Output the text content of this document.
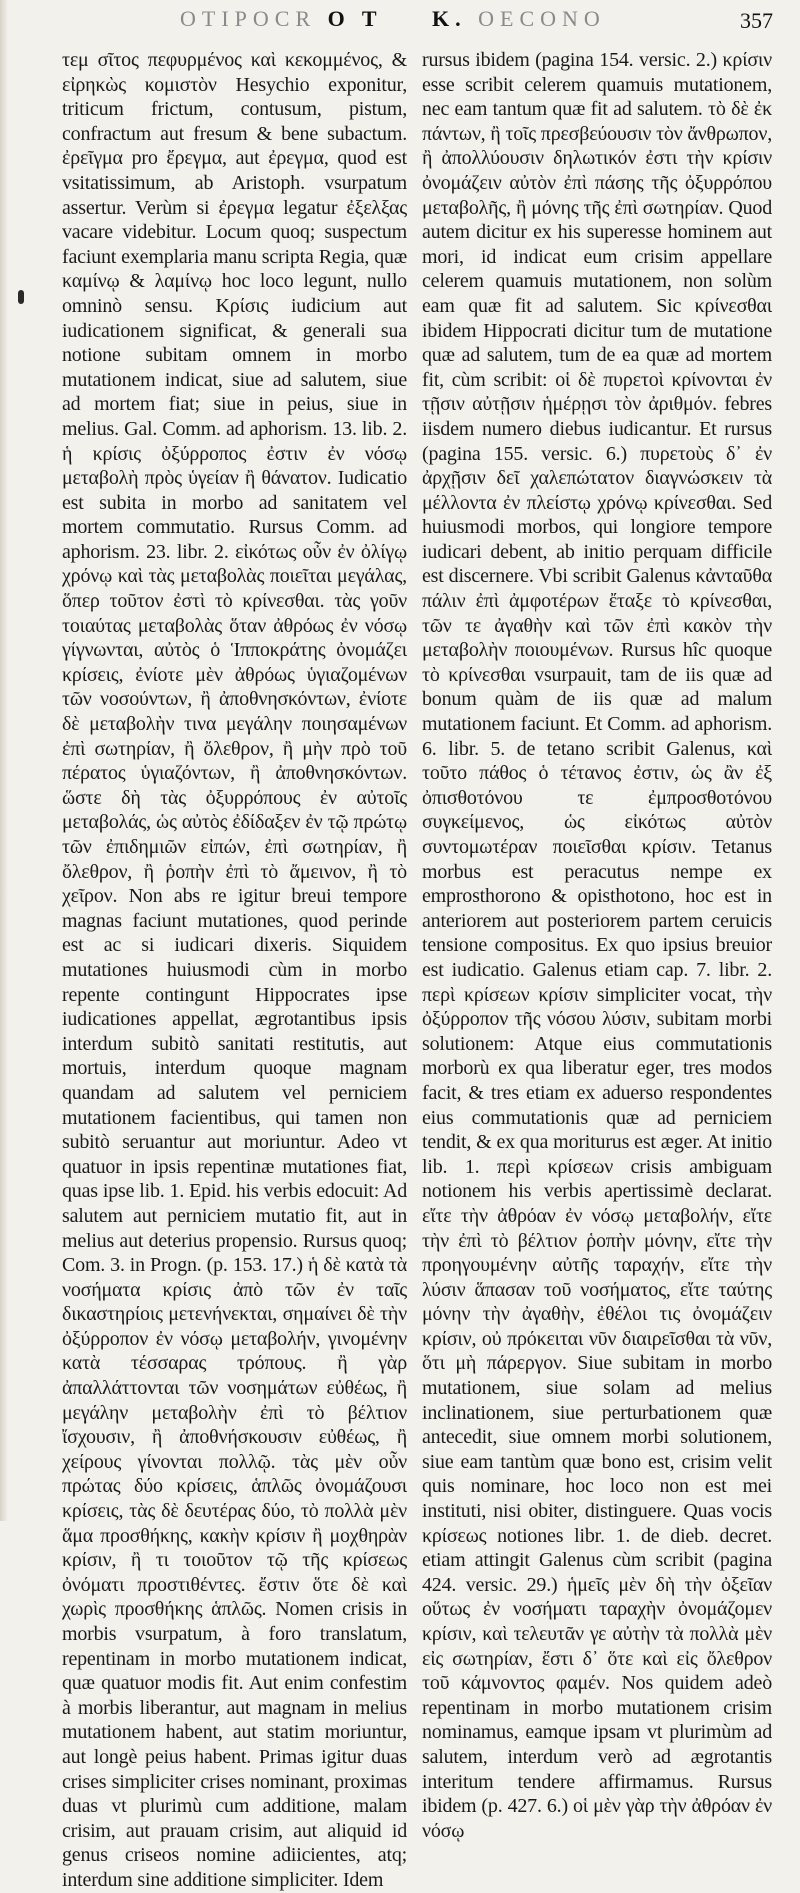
OTIPOCR O T K. OECONO	357

τεμ σῖτος πεφυρμένος καὶ κεκομμένος, & εἰρηκὼς κομιστὸν Hesychio exponitur, triticum frictum, contusum, pistum, confractum aut fresum & bene subactum. ἐρεῖγμα pro ἔρεγμα, aut ἐρεγμα, quod est vsitatissimum, ab Aristoph. vsurpatum assertur. Verùm si ἐρεγμα legatur ἐξελξας vacare videbitur. Locum quoq; suspectum faciunt exemplaria manu scripta Regia, quæ καμίνῳ & λαμίνῳ hoc loco legunt, nullo omninò sensu. Κρίσις iudicium aut iudicationem significat, & generali sua notione subitam omnem in morbo mutationem indicat, siue ad salutem, siue ad mortem fiat; siue in peius, siue in melius. Gal. Comm. ad aphorism. 13. lib. 2. ἡ κρίσις ὀξύρροπος ἐστιν ἐν νόσῳ μεταβολὴ πρὸς ὑγείαν ἢ θάνατον. Iudicatio est subita in morbo ad sanitatem vel mortem commutatio. Rursus Comm. ad aphorism. 23. libr. 2. εἰκότως οὖν ἐν ὀλίγῳ χρόνῳ καὶ τὰς μεταβολὰς ποιεῖται μεγάλας, ὅπερ τοῦτον ἐστὶ τὸ κρίνεσθαι. τὰς γοῦν τοιαύτας μεταβολὰς ὅταν ἀθρόως ἐν νόσῳ γίγνωνται, αὐτὸς ὁ Ἱπποκράτης ὀνομάζει κρίσεις, ἐνίοτε μὲν ἀθρόως ὑγιαζομένων τῶν νοσούντων, ἢ ἀποθνησκόντων, ἐνίοτε δὲ μεταβολὴν τινα μεγάλην ποιησαμένων ἐπὶ σωτηρίαν, ἢ ὄλεθρον, ἢ μὴν πρὸ τοῦ πέρατος ὑγιαζόντων, ἢ ἀποθνησκόντων. ὥστε δὴ τὰς ὀξυρρόπους ἐν αὐτοῖς μεταβολάς, ὡς αὐτὸς ἐδίδαξεν ἐν τῷ πρώτῳ τῶν ἐπιδημιῶν εἰπών, ἐπὶ σωτηρίαν, ἢ ὄλεθρον, ἢ ῥοπὴν ἐπὶ τὸ ἄμεινον, ἢ τὸ χεῖρον. Non abs re igitur breui tempore magnas faciunt mutationes, quod perinde est ac si iudicari dixeris. Siquidem mutationes huiusmodi cùm in morbo repente contingunt Hippocrates ipse iudicationes appellat, ægrotantibus ipsis interdum subitò sanitati restitutis, aut mortuis, interdum quoque magnam quandam ad salutem vel perniciem mutationem facientibus, qui tamen non subitò seruantur aut moriuntur. Adeo vt quatuor in ipsis repentinæ mutationes fiat, quas ipse lib. 1. Epid. his verbis edocuit: Ad salutem aut perniciem mutatio fit, aut in melius aut deterius propensio. Rursus quoq; Com. 3. in Progn. (p. 153. 17.) ἡ δὲ κατὰ τὰ νοσήματα κρίσις ἀπὸ τῶν ἐν ταῖς δικαστηρίοις μετενήνεκται, σημαίνει δὲ τὴν ὀξύρροπον ἐν νόσῳ μεταβολήν, γινομένην κατὰ τέσσαρας τρόπους. ἢ γὰρ ἀπαλλάττονται τῶν νοσημάτων εὐθέως, ἢ μεγάλην μεταβολὴν ἐπὶ τὸ βέλτιον ἴσχουσιν, ἢ ἀποθνήσκουσιν εὐθέως, ἢ χείρους γίνονται πολλῷ. τὰς μὲν οὖν πρώτας δύο κρίσεις, ἁπλῶς ὀνομάζουσι κρίσεις, τὰς δὲ δευτέρας δύο, τὸ πολλὰ μὲν ἅμα προσθήκης, κακὴν κρίσιν ἢ μοχθηρὰν κρίσιν, ἢ τι τοιοῦτον τῷ τῆς κρίσεως ὀνόματι προστιθέντες. ἔστιν ὅτε δὲ καὶ χωρὶς προσθήκης ἁπλῶς. Nomen crisis in morbis vsurpatum, à foro translatum, repentinam in morbo mutationem indicat, quæ quatuor modis fit. Aut enim confestim à morbis liberantur, aut magnam in melius mutationem habent, aut statim moriuntur, aut longè peius habent. Primas igitur duas crises simpliciter crises nominant, proximas duas vt plurimù cum additione, malam crisim, aut prauam crisim, aut aliquid id genus criseos nomine adiicientes, atq; interdum sine additione simpliciter. Idem

rursus ibidem (pagina 154. versic. 2.) κρίσιν esse scribit celerem quamuis mutationem, nec eam tantum quæ fit ad salutem. τὸ δὲ ἐκ πάντων, ἢ τοῖς πρεσβεύουσιν τὸν ἄνθρωπον, ἢ ἀπολλύουσιν δηλωτικόν ἐστι τὴν κρίσιν ὀνομάζειν αὐτὸν ἐπὶ πάσης τῆς ὀξυρρόπου μεταβολῆς, ἢ μόνης τῆς ἐπὶ σωτηρίαν. Quod autem dicitur ex his superesse hominem aut mori, id indicat eum crisim appellare celerem quamuis mutationem, non solùm eam quæ fit ad salutem. Sic κρίνεσθαι ibidem Hippocrati dicitur tum de mutatione quæ ad salutem, tum de ea quæ ad mortem fit, cùm scribit: οἱ δὲ πυρετοὶ κρίνονται ἐν τῇσιν αὐτῇσιν ἡμέρῃσι τὸν ἀριθμόν. febres iisdem numero diebus iudicantur. Et rursus (pagina 155. versic. 6.) πυρετοὺς δ᾽ ἐν ἀρχῇσιν δεῖ χαλεπώτατον διαγνώσκειν τὰ μέλλοντα ἐν πλείστῳ χρόνῳ κρίνεσθαι. Sed huiusmodi morbos, qui longiore tempore iudicari debent, ab initio perquam difficile est discernere. Vbi scribit Galenus κἀνταῦθα πάλιν ἐπὶ ἀμφοτέρων ἔταξε τὸ κρίνεσθαι, τῶν τε ἀγαθὴν καὶ τῶν ἐπὶ κακὸν τὴν μεταβολὴν ποιουμένων. Rursus hîc quoque τὸ κρίνεσθαι vsurpauit, tam de iis quæ ad bonum quàm de iis quæ ad malum mutationem faciunt. Et Comm. ad aphorism. 6. libr. 5. de tetano scribit Galenus, καὶ τοῦτο πάθος ὁ τέτανος ἐστιν, ὡς ἂν ἐξ ὀπισθοτόνου τε ἐμπροσθοτόνου συγκείμενος, ὡς εἰκότως αὐτὸν συντομωτέραν ποιεῖσθαι κρίσιν. Tetanus morbus est peracutus nempe ex emprosthorono & opisthotono, hoc est in anteriorem aut posteriorem partem ceruicis tensione compositus. Ex quo ipsius breuior est iudicatio. Galenus etiam cap. 7. libr. 2. περὶ κρίσεων κρίσιν simpliciter vocat, τὴν ὀξύρροπον τῆς νόσου λύσιν, subitam morbi solutionem: Atque eius commutationis morborù ex qua liberatur eger, tres modos facit, & tres etiam ex aduerso respondentes eius commutationis quæ ad perniciem tendit, & ex qua moriturus est æger. At initio lib. 1. περὶ κρίσεων crisis ambiguam notionem his verbis apertissimè declarat. εἴτε τὴν ἀθρόαν ἐν νόσῳ μεταβολήν, εἴτε τὴν ἐπὶ τὸ βέλτιον ῥοπὴν μόνην, εἴτε τὴν προηγουμένην αὐτῆς ταραχήν, εἴτε τὴν λύσιν ἅπασαν τοῦ νοσήματος, εἴτε ταύτης μόνην τὴν ἀγαθὴν, ἐθέλοι τις ὀνομάζειν κρίσιν, οὐ πρόκειται νῦν διαιρεῖσθαι τὰ νῦν, ὅτι μὴ πάρεργον. Siue subitam in morbo mutationem, siue solam ad melius inclinationem, siue perturbationem quæ antecedit, siue omnem morbi solutionem, siue eam tantùm quæ bono est, crisim velit quis nominare, hoc loco non est mei instituti, nisi obiter, distinguere. Quas vocis κρίσεως notiones libr. 1. de dieb. decret. etiam attingit Galenus cùm scribit (pagina 424. versic. 29.) ἡμεῖς μὲν δὴ τὴν ὀξεῖαν οὕτως ἐν νοσήματι ταραχὴν ὀνομάζομεν κρίσιν, καὶ τελευτᾶν γε αὐτὴν τὰ πολλὰ μὲν εἰς σωτηρίαν, ἔστι δ᾽ ὅτε καὶ εἰς ὄλεθρον τοῦ κάμνοντος φαμέν. Nos quidem adeò repentinam in morbo mutationem crisim nominamus, eamque ipsam vt plurimùm ad salutem, interdum verò ad ægrotantis interitum tendere affirmamus. Rursus ibidem (p. 427. 6.) οἱ μὲν γὰρ τὴν ἀθρόαν ἐν νόσῳ
